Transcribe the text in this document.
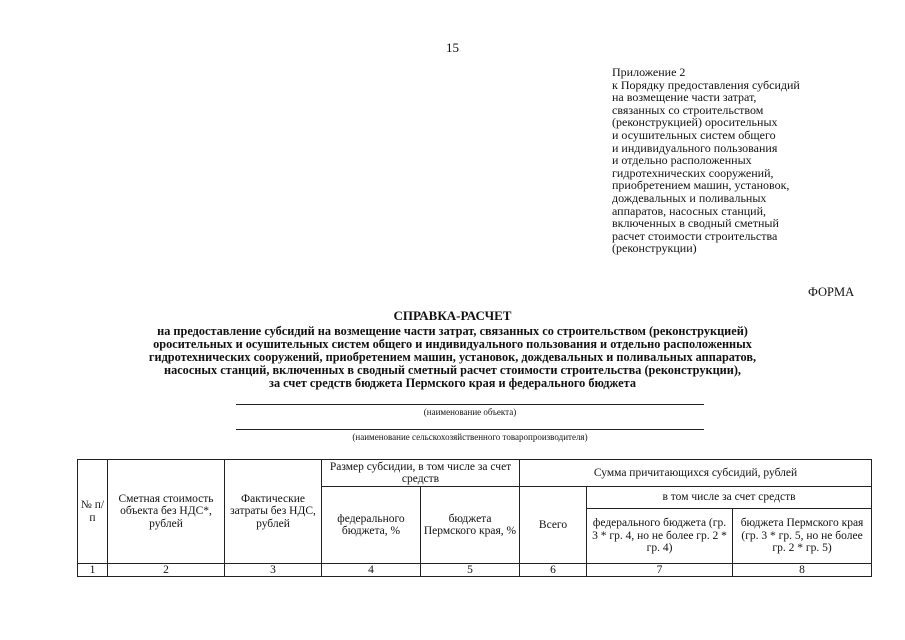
15
Приложение 2
к Порядку предоставления субсидий
на возмещение части затрат,
связанных со строительством
(реконструкцией) оросительных
и осушительных систем общего
и индивидуального пользования
и отдельно расположенных
гидротехнических сооружений,
приобретением машин, установок,
дождевальных и поливальных
аппаратов, насосных станций,
включенных в сводный сметный
расчет стоимости строительства
(реконструкции)
ФОРМА
СПРАВКА-РАСЧЕТ
на предоставление субсидий на возмещение части затрат, связанных со строительством (реконструкцией)
оросительных и осушительных систем общего и индивидуального пользования и отдельно расположенных
гидротехнических сооружений, приобретением машин, установок, дождевальных и поливальных аппаратов,
насосных станций, включенных в сводный сметный расчет стоимости строительства (реконструкции),
за счет средств бюджета Пермского края и федерального бюджета
(наименование объекта)
(наименование сельскохозяйственного товаропроизводителя)
№ п/п	Сметная стоимость объекта без НДС*, рублей	Фактические затраты без НДС, рублей	Размер субсидии, в том числе за счет средств		Сумма причитающихся субсидий, рублей		
			федерального бюджета, %	бюджета Пермского края, %	Всего	в том числе за счет средств	
						федерального бюджета (гр. 3 * гр. 4, но не более гр. 2 * гр. 4)	бюджета Пермского края (гр. 3 * гр. 5, но не более гр. 2 * гр. 5)
1	2	3	4	5	6	7	8
